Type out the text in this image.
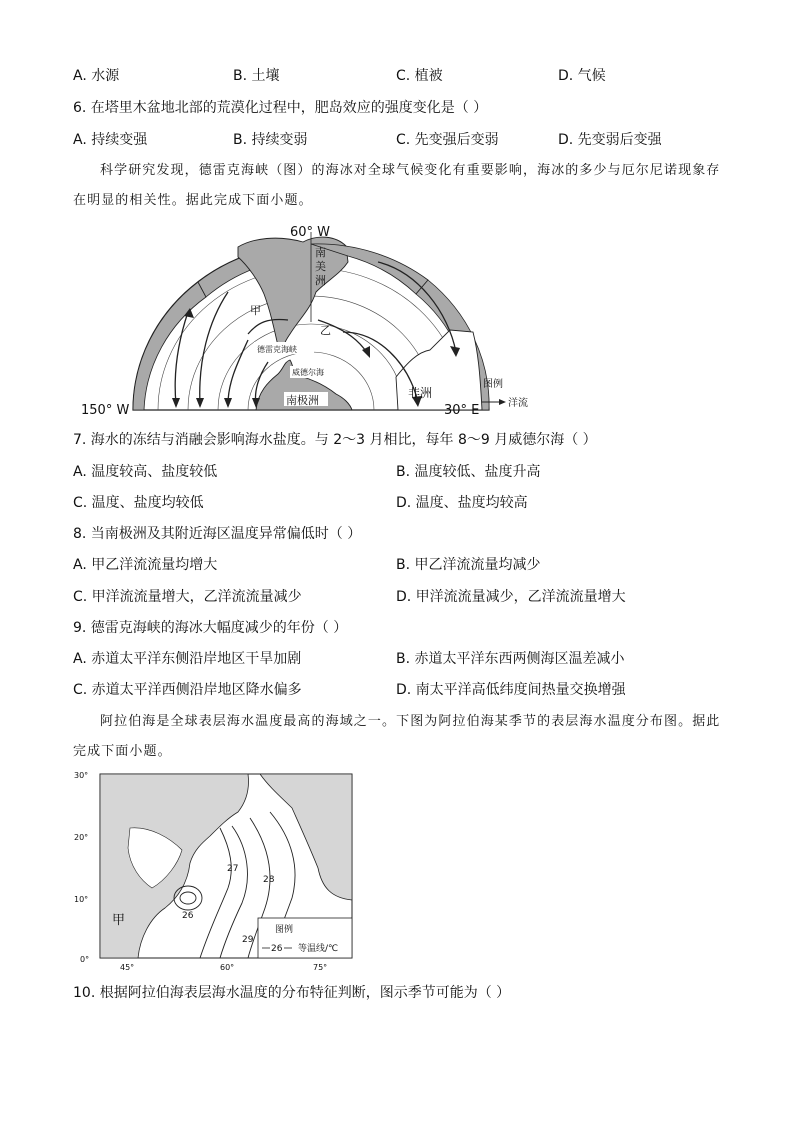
A. 水源	B. 土壤	C. 植被	D. 气候
6. 在塔里木盆地北部的荒漠化过程中，肥岛效应的强度变化是（ ）
A. 持续变强	B. 持续变弱	C. 先变强后变弱	D. 先变弱后变强
科学研究发现，德雷克海峡（图）的海冰对全球气候变化有重要影响，海冰的多少与厄尔尼诺现象存
在明显的相关性。据此完成下面小题。
60° W
150° W	30° E
南美洲
甲
乙
德雷克海峡
威德尔海
南极洲
非洲
图例
洋流
7. 海水的冻结与消融会影响海水盐度。与 2～3 月相比，每年 8～9 月威德尔海（ ）
A. 温度较高、盐度较低	B. 温度较低、盐度升高
C. 温度、盐度均较低	D. 温度、盐度均较高
8. 当南极洲及其附近海区温度异常偏低时（ ）
A. 甲乙洋流流量均增大	B. 甲乙洋流流量均减少
C. 甲洋流流量增大，乙洋流流量减少	D. 甲洋流流量减少，乙洋流流量增大
9. 德雷克海峡的海冰大幅度减少的年份（ ）
A. 赤道太平洋东侧沿岸地区干旱加剧	B. 赤道太平洋东西两侧海区温差减小
C. 赤道太平洋西侧沿岸地区降水偏多	D. 南太平洋高低纬度间热量交换增强
阿拉伯海是全球表层海水温度最高的海域之一。下图为阿拉伯海某季节的表层海水温度分布图。据此
完成下面小题。
图例
26 等温线/℃
26
27
28
29
甲
30°
20°
10°
0°
45°	60°	75°
10. 根据阿拉伯海表层海水温度的分布特征判断，图示季节可能为（ ）
